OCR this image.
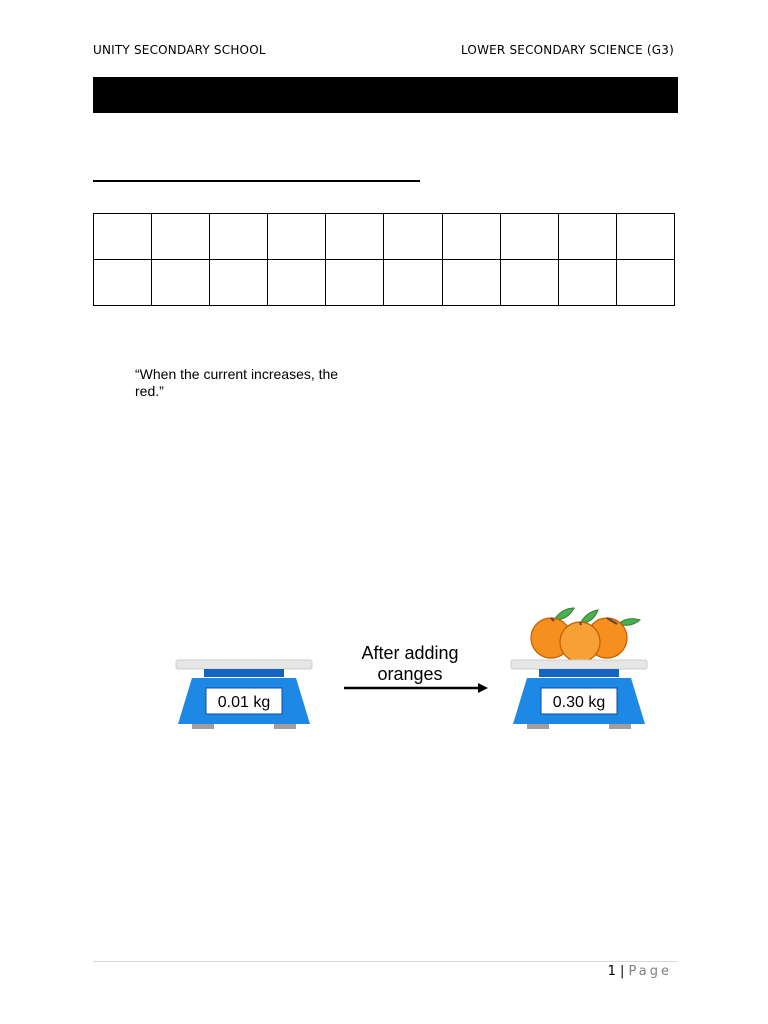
UNITY SECONDARY SCHOOL	LOWER SECONDARY SCIENCE (G3)

“When the current increases, the red.”
0.01 kg
After adding
oranges
0.30 kg
1 | Page
